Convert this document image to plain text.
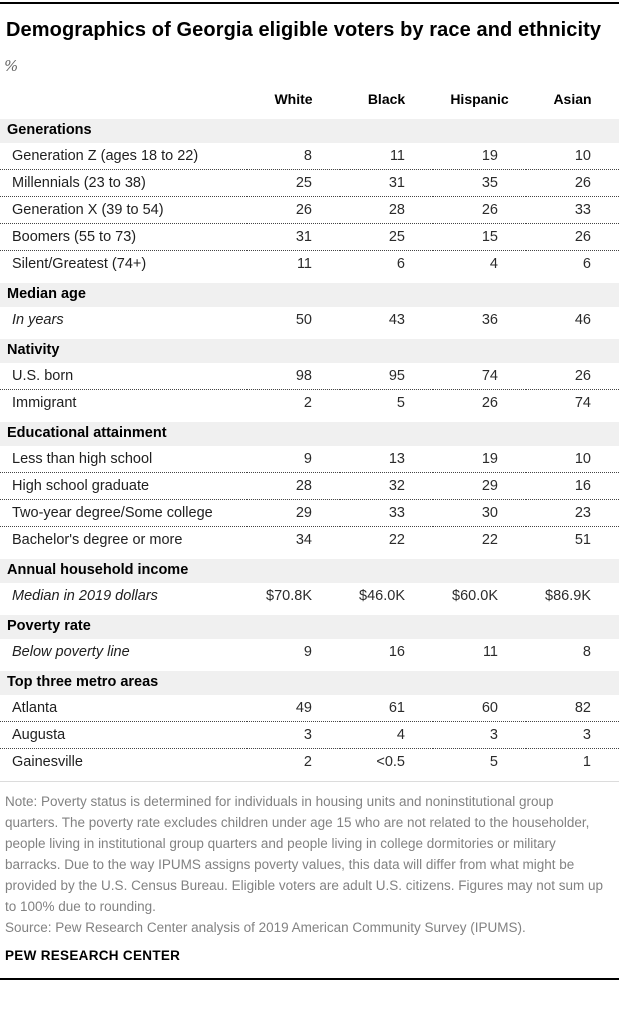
Demographics of Georgia eligible voters by race and ethnicity
%
	White	Black	Hispanic	Asian
Generations				
Generation Z (ages 18 to 22)	8	11	19	10
Millennials (23 to 38)	25	31	35	26
Generation X (39 to 54)	26	28	26	33
Boomers (55 to 73)	31	25	15	26
Silent/Greatest (74+)	11	6	4	6
Median age				
In years	50	43	36	46
Nativity				
U.S. born	98	95	74	26
Immigrant	2	5	26	74
Educational attainment				
Less than high school	9	13	19	10
High school graduate	28	32	29	16
Two-year degree/Some college	29	33	30	23
Bachelor's degree or more	34	22	22	51
Annual household income				
Median in 2019 dollars	$70.8K	$46.0K	$60.0K	$86.9K
Poverty rate				
Below poverty line	9	16	11	8
Top three metro areas				
Atlanta	49	61	60	82
Augusta	3	4	3	3
Gainesville	2	<0.5	5	1

Note: Poverty status is determined for individuals in housing units and noninstitutional group quarters. The poverty rate excludes children under age 15 who are not related to the householder, people living in institutional group quarters and people living in college dormitories or military barracks. Due to the way IPUMS assigns poverty values, this data will differ from what might be provided by the U.S. Census Bureau. Eligible voters are adult U.S. citizens. Figures may not sum up to 100% due to rounding.

Source: Pew Research Center analysis of 2019 American Community Survey (IPUMS).

PEW RESEARCH CENTER
